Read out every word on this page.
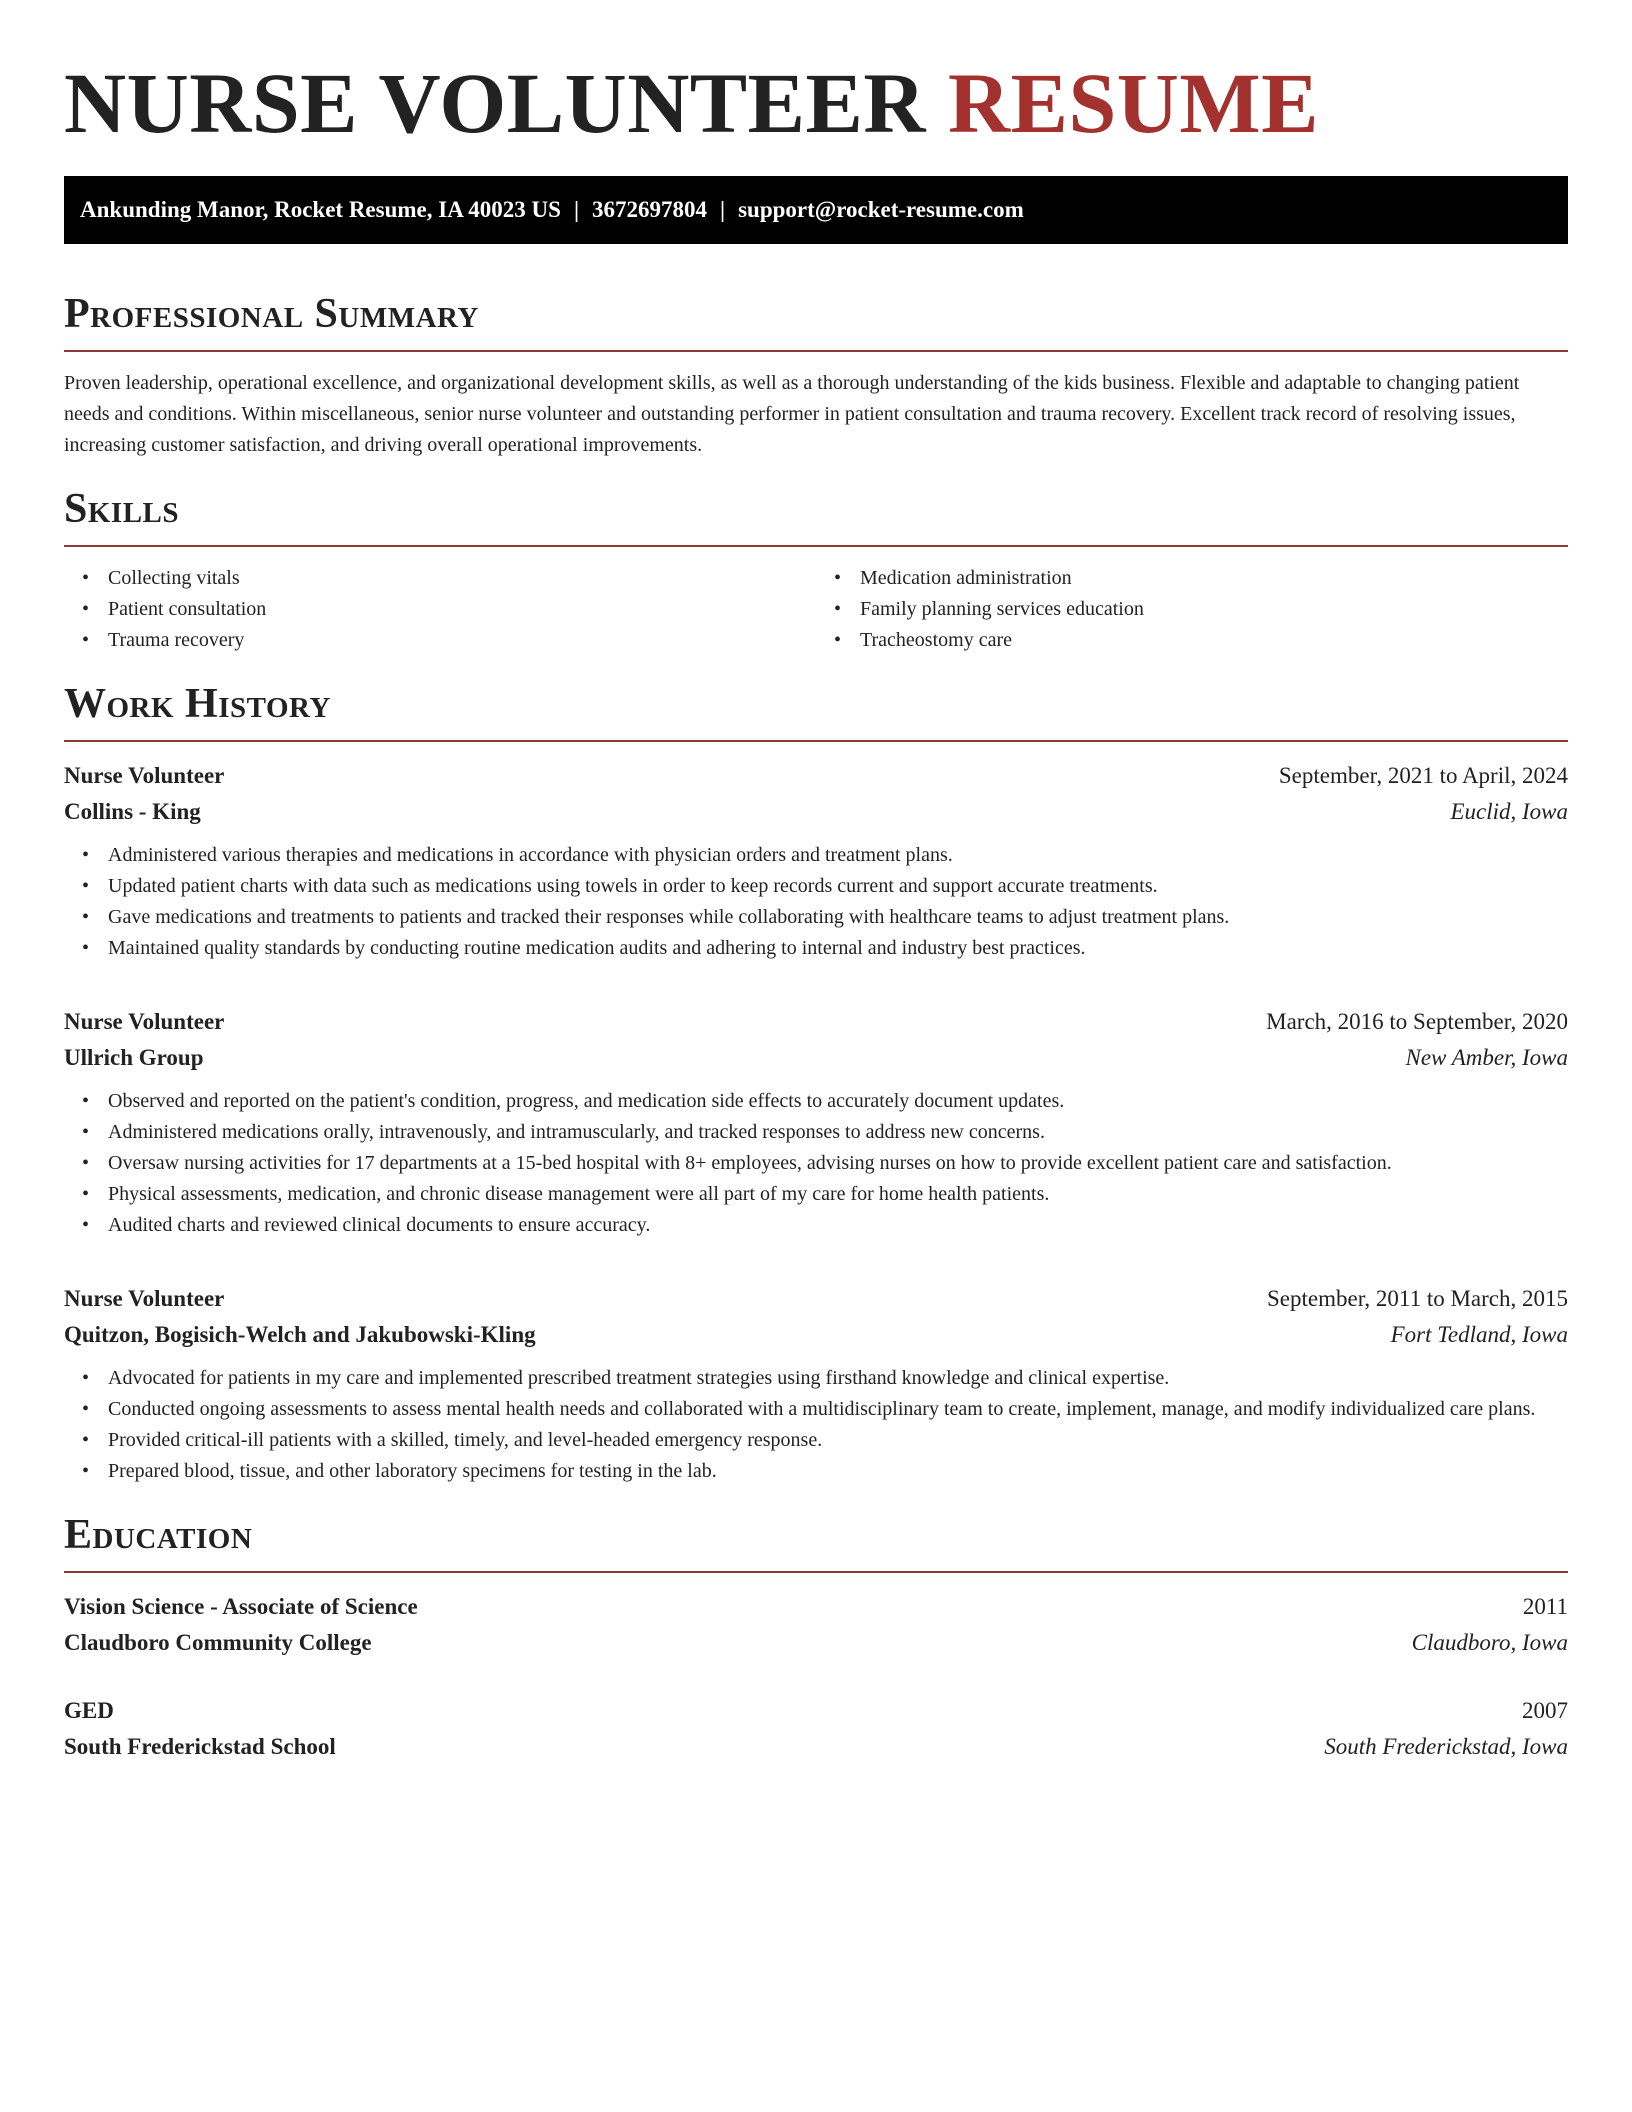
NURSE VOLUNTEER RESUME
Ankunding Manor, Rocket Resume, IA 40023 US | 3672697804 | support@rocket-resume.com
Professional Summary

Proven leadership, operational excellence, and organizational development skills, as well as a thorough understanding of the kids business. Flexible and adaptable to changing patient needs and conditions. Within miscellaneous, senior nurse volunteer and outstanding performer in patient consultation and trauma recovery. Excellent track record of resolving issues, increasing customer satisfaction, and driving overall operational improvements.

Skills
• Collecting vitals
• Patient consultation
• Trauma recovery
• Medication administration
• Family planning services education
• Tracheostomy care
Work History
Nurse Volunteer	September, 2021 to April, 2024
Collins - King	Euclid, Iowa
• Administered various therapies and medications in accordance with physician orders and treatment plans.
• Updated patient charts with data such as medications using towels in order to keep records current and support accurate treatments.
• Gave medications and treatments to patients and tracked their responses while collaborating with healthcare teams to adjust treatment plans.
• Maintained quality standards by conducting routine medication audits and adhering to internal and industry best practices.
Nurse Volunteer	March, 2016 to September, 2020
Ullrich Group	New Amber, Iowa
• Observed and reported on the patient's condition, progress, and medication side effects to accurately document updates.
• Administered medications orally, intravenously, and intramuscularly, and tracked responses to address new concerns.
• Oversaw nursing activities for 17 departments at a 15-bed hospital with 8+ employees, advising nurses on how to provide excellent patient care and satisfaction.
• Physical assessments, medication, and chronic disease management were all part of my care for home health patients.
• Audited charts and reviewed clinical documents to ensure accuracy.
Nurse Volunteer	September, 2011 to March, 2015
Quitzon, Bogisich-Welch and Jakubowski-Kling	Fort Tedland, Iowa
• Advocated for patients in my care and implemented prescribed treatment strategies using firsthand knowledge and clinical expertise.
• Conducted ongoing assessments to assess mental health needs and collaborated with a multidisciplinary team to create, implement, manage, and modify individualized care plans.
• Provided critical-ill patients with a skilled, timely, and level-headed emergency response.
• Prepared blood, tissue, and other laboratory specimens for testing in the lab.
Education
Vision Science - Associate of Science	2011
Claudboro Community College	Claudboro, Iowa
GED	2007
South Frederickstad School	South Frederickstad, Iowa
